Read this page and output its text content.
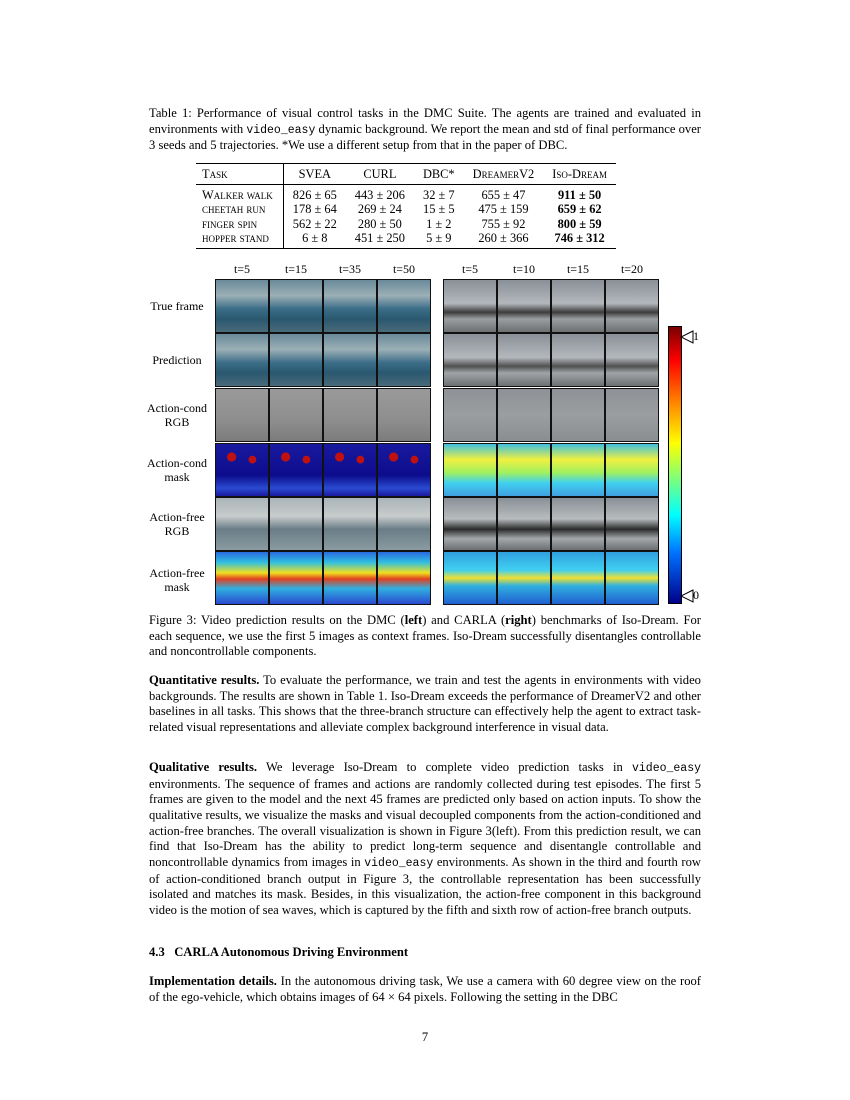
Table 1: Performance of visual control tasks in the DMC Suite. The agents are trained and evaluated in environments with video_easy dynamic background. We report the mean and std of final performance over 3 seeds and 5 trajectories. *We use a different setup from that in the paper of DBC.
Task	SVEA	CURL	DBC*	DreamerV2	Iso-Dream
Walker walk	826 ± 65	443 ± 206	32 ± 7	655 ± 47	911 ± 50
cheetah run	178 ± 64	269 ± 24	15 ± 5	475 ± 159	659 ± 62
finger spin	562 ± 22	280 ± 50	1 ± 2	755 ± 92	800 ± 59
hopper stand	6 ± 8	451 ± 250	5 ± 9	260 ± 366	746 ± 312
t=5	t=15	t=35	t=50	t=5	t=10	t=15	t=20
True frame
Prediction
Action-cond
RGB
Action-cond
mask
Action-free
RGB
Action-free
mask
1
0
Figure 3: Video prediction results on the DMC (left) and CARLA (right) benchmarks of Iso-Dream. For each sequence, we use the first 5 images as context frames. Iso-Dream successfully disentangles controllable and noncontrollable components.
Quantitative results. To evaluate the performance, we train and test the agents in environments with video backgrounds. The results are shown in Table 1. Iso-Dream exceeds the performance of DreamerV2 and other baselines in all tasks. This shows that the three-branch structure can effectively help the agent to extract task-related visual representations and alleviate complex background interference in visual data.
Qualitative results. We leverage Iso-Dream to complete video prediction tasks in video_easy environments. The sequence of frames and actions are randomly collected during test episodes. The first 5 frames are given to the model and the next 45 frames are predicted only based on action inputs. To show the qualitative results, we visualize the masks and visual decoupled components from the action-conditioned and action-free branches. The overall visualization is shown in Figure 3(left). From this prediction result, we can find that Iso-Dream has the ability to predict long-term sequence and disentangle controllable and noncontrollable dynamics from images in video_easy environments. As shown in the third and fourth row of action-conditioned branch output in Figure 3, the controllable representation has been successfully isolated and matches its mask. Besides, in this visualization, the action-free component in this background video is the motion of sea waves, which is captured by the fifth and sixth row of action-free branch outputs.
4.3 CARLA Autonomous Driving Environment
Implementation details. In the autonomous driving task, We use a camera with 60 degree view on the roof of the ego-vehicle, which obtains images of 64 × 64 pixels. Following the setting in the DBC
7
